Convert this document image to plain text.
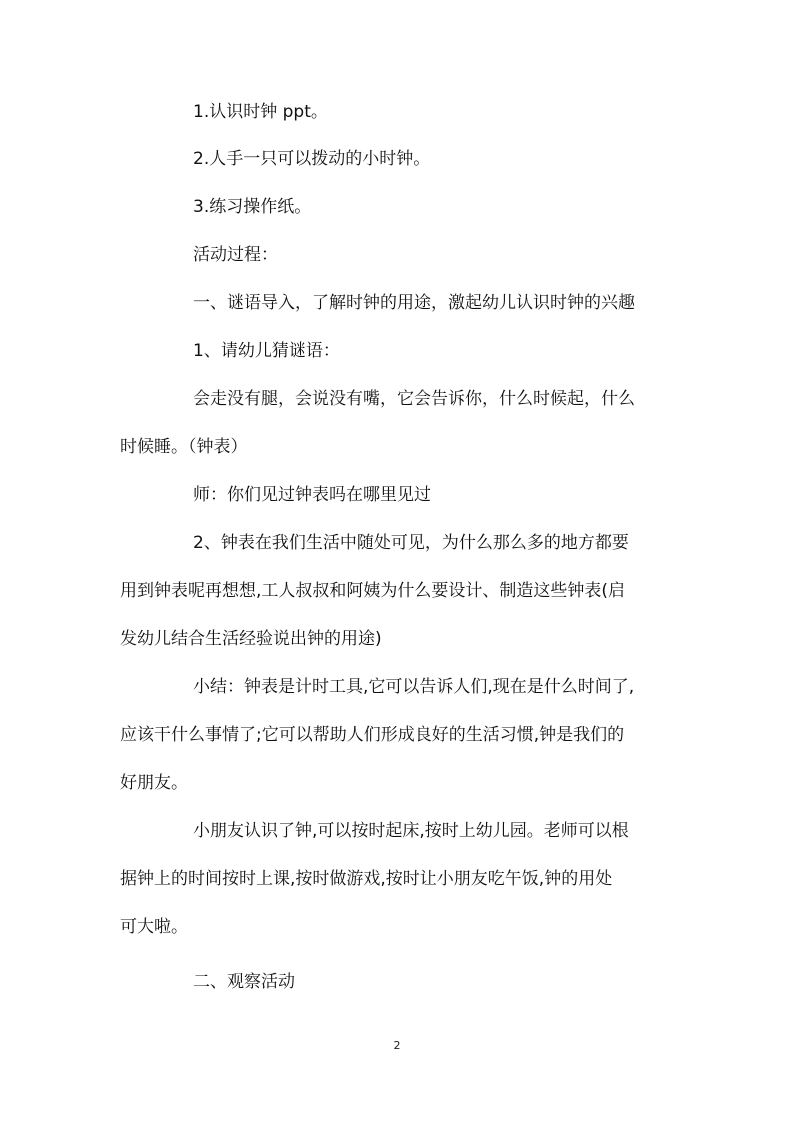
1.认识时钟 ppt。

2.人手一只可以拨动的小时钟。

3.练习操作纸。

活动过程：

一、谜语导入，了解时钟的用途，激起幼儿认识时钟的兴趣

1、请幼儿猜谜语：

会走没有腿，会说没有嘴，它会告诉你，什么时候起，什么

时候睡。（钟表）

师：你们见过钟表吗在哪里见过

2、钟表在我们生活中随处可见，为什么那么多的地方都要

用到钟表呢再想想,工人叔叔和阿姨为什么要设计、制造这些钟表(启

发幼儿结合生活经验说出钟的用途)

小结：钟表是计时工具,它可以告诉人们,现在是什么时间了,

应该干什么事情了;它可以帮助人们形成良好的生活习惯,钟是我们的

好朋友。

小朋友认识了钟,可以按时起床,按时上幼儿园。老师可以根

据钟上的时间按时上课,按时做游戏,按时让小朋友吃午饭,钟的用处

可大啦。

二、观察活动

2
